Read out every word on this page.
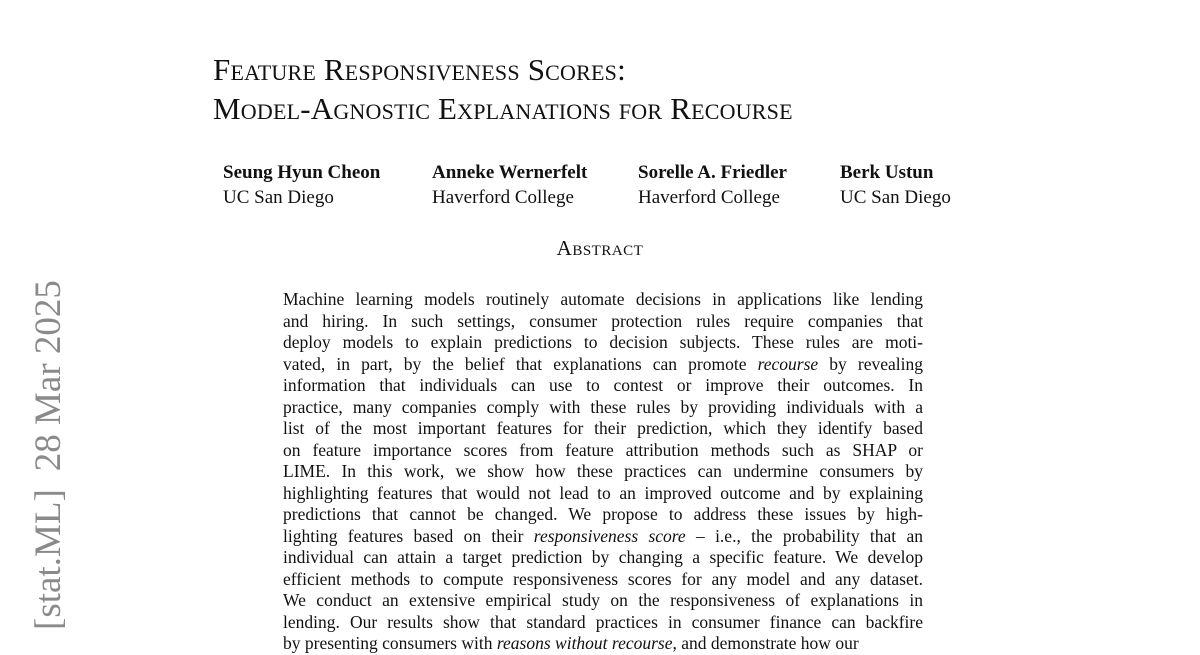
[stat.ML]28 Mar 2025
Feature Responsiveness Scores:
Model-Agnostic Explanations for Recourse
Seung Hyun Cheon
UC San Diego
Anneke Wernerfelt
Haverford College
Sorelle A. Friedler
Haverford College
Berk Ustun
UC San Diego
Abstract
Machine learning models routinely automate decisions in applications like lending
and hiring. In such settings, consumer protection rules require companies that
deploy models to explain predictions to decision subjects. These rules are moti-
vated, in part, by the belief that explanations can promote recourse by revealing
information that individuals can use to contest or improve their outcomes. In
practice, many companies comply with these rules by providing individuals with a
list of the most important features for their prediction, which they identify based
on feature importance scores from feature attribution methods such as SHAP or
LIME. In this work, we show how these practices can undermine consumers by
highlighting features that would not lead to an improved outcome and by explaining
predictions that cannot be changed. We propose to address these issues by high-
lighting features based on their responsiveness score – i.e., the probability that an
individual can attain a target prediction by changing a specific feature. We develop
efficient methods to compute responsiveness scores for any model and any dataset.
We conduct an extensive empirical study on the responsiveness of explanations in
lending. Our results show that standard practices in consumer finance can backfire
by presenting consumers with reasons without recourse, and demonstrate how our
